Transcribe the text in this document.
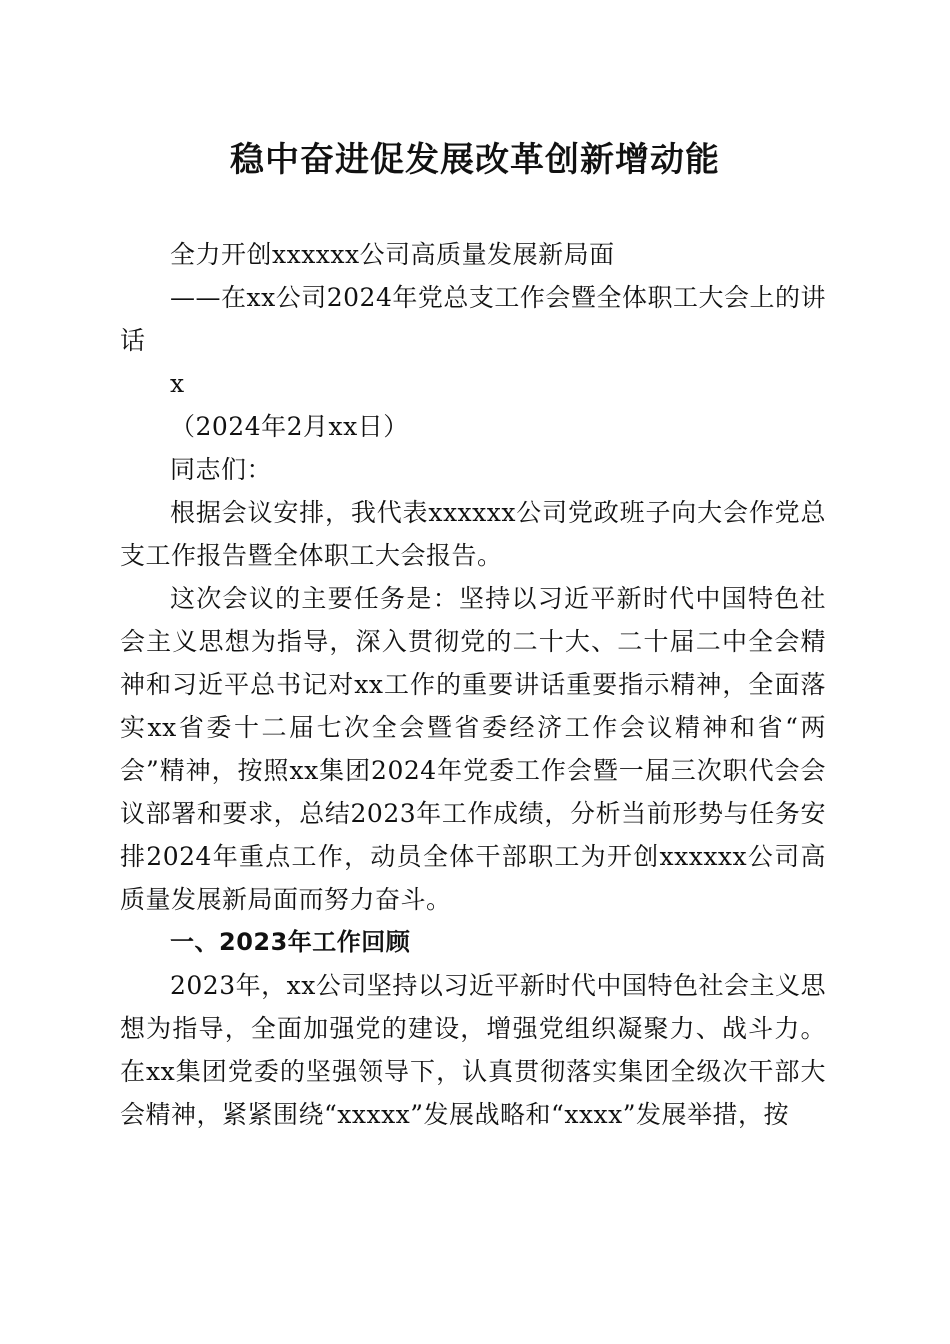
稳中奋进促发展改革创新增动能

全力开创xxxxxx公司高质量发展新局面

——在xx公司2024年党总支工作会暨全体职工大会上的讲话

x

（2024年2月xx日）

同志们：

根据会议安排，我代表xxxxxx公司党政班子向大会作党总支工作报告暨全体职工大会报告。

这次会议的主要任务是：坚持以习近平新时代中国特色社会主义思想为指导，深入贯彻党的二十大、二十届二中全会精神和习近平总书记对xx工作的重要讲话重要指示精神，全面落实xx省委十二届七次全会暨省委经济工作会议精神和省“两会”精神，按照xx集团2024年党委工作会暨一届三次职代会会议部署和要求，总结2023年工作成绩，分析当前形势与任务安排2024年重点工作，动员全体干部职工为开创xxxxxx公司高质量发展新局面而努力奋斗。

一、2023年工作回顾

2023年，xx公司坚持以习近平新时代中国特色社会主义思想为指导，全面加强党的建设，增强党组织凝聚力、战斗力。在xx集团党委的坚强领导下，认真贯彻落实集团全级次干部大会精神，紧紧围绕“xxxxx”发展战略和“xxxx”发展举措，按
